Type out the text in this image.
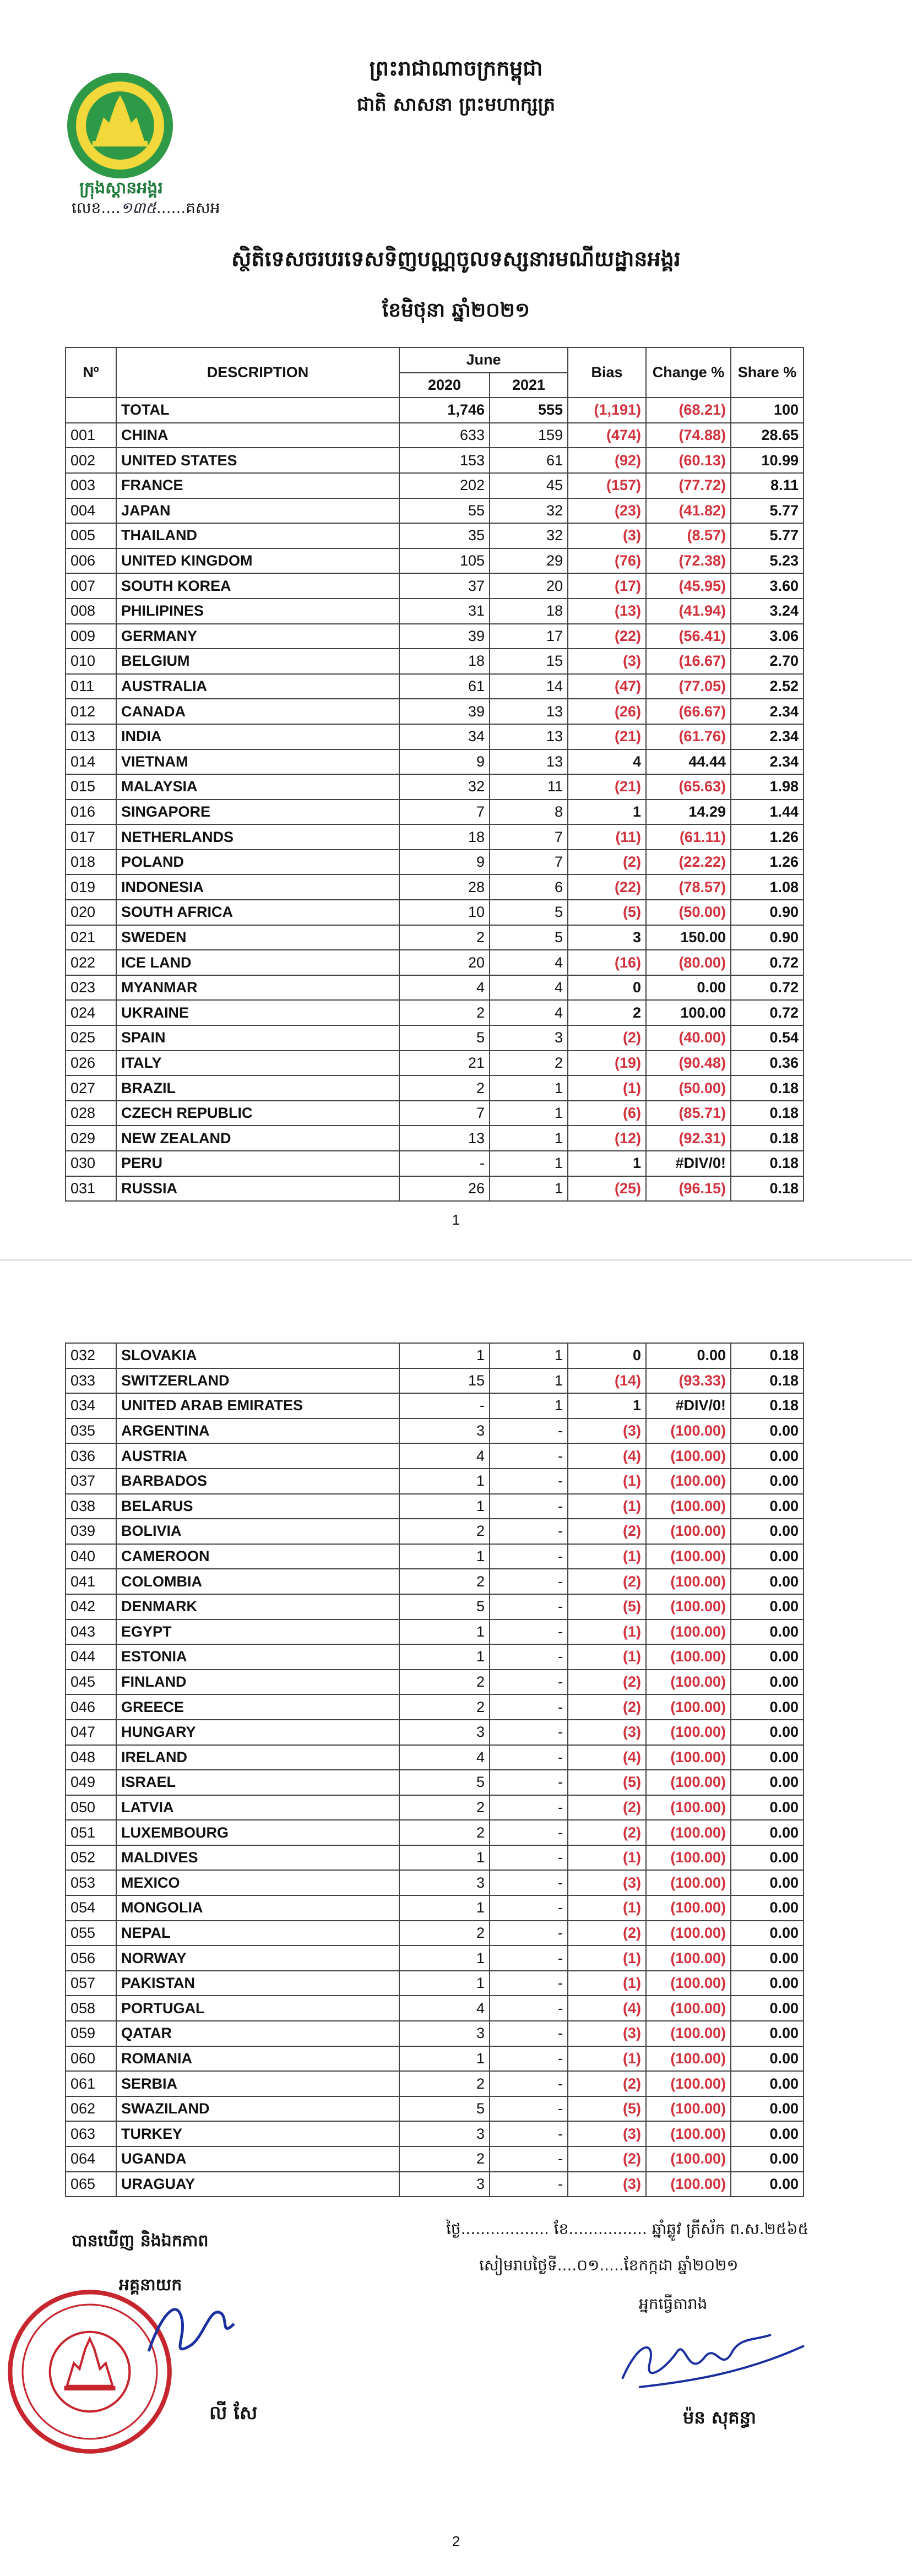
ព្រះរាជាណាចក្រកម្ពុជា
ជាតិ សាសនា ព្រះមហាក្សត្រ
ក្រុងស្ដានអង្គរ
លេខ....១៣៥......គសអ
ស្ថិតិទេសចរបរទេសទិញបណ្ណចូលទស្សនារមណីយដ្ឋានអង្គរ
ខែមិថុនា ឆ្នាំ២០២១
Nº	DESCRIPTION	June		Bias	Change %	Share %
		2020	2021			
	TOTAL	1,746	555	(1,191)	(68.21)	100
001	CHINA	633	159	(474)	(74.88)	28.65
002	UNITED STATES	153	61	(92)	(60.13)	10.99
003	FRANCE	202	45	(157)	(77.72)	8.11
004	JAPAN	55	32	(23)	(41.82)	5.77
005	THAILAND	35	32	(3)	(8.57)	5.77
006	UNITED KINGDOM	105	29	(76)	(72.38)	5.23
007	SOUTH KOREA	37	20	(17)	(45.95)	3.60
008	PHILIPINES	31	18	(13)	(41.94)	3.24
009	GERMANY	39	17	(22)	(56.41)	3.06
010	BELGIUM	18	15	(3)	(16.67)	2.70
011	AUSTRALIA	61	14	(47)	(77.05)	2.52
012	CANADA	39	13	(26)	(66.67)	2.34
013	INDIA	34	13	(21)	(61.76)	2.34
014	VIETNAM	9	13	4	44.44	2.34
015	MALAYSIA	32	11	(21)	(65.63)	1.98
016	SINGAPORE	7	8	1	14.29	1.44
017	NETHERLANDS	18	7	(11)	(61.11)	1.26
018	POLAND	9	7	(2)	(22.22)	1.26
019	INDONESIA	28	6	(22)	(78.57)	1.08
020	SOUTH AFRICA	10	5	(5)	(50.00)	0.90
021	SWEDEN	2	5	3	150.00	0.90
022	ICE LAND	20	4	(16)	(80.00)	0.72
023	MYANMAR	4	4	0	0.00	0.72
024	UKRAINE	2	4	2	100.00	0.72
025	SPAIN	5	3	(2)	(40.00)	0.54
026	ITALY	21	2	(19)	(90.48)	0.36
027	BRAZIL	2	1	(1)	(50.00)	0.18
028	CZECH REPUBLIC	7	1	(6)	(85.71)	0.18
029	NEW ZEALAND	13	1	(12)	(92.31)	0.18
030	PERU	-	1	1	#DIV/0!	0.18
031	RUSSIA	26	1	(25)	(96.15)	0.18
1
032	SLOVAKIA	1	1	0	0.00	0.18
033	SWITZERLAND	15	1	(14)	(93.33)	0.18
034	UNITED ARAB EMIRATES	-	1	1	#DIV/0!	0.18
035	ARGENTINA	3	-	(3)	(100.00)	0.00
036	AUSTRIA	4	-	(4)	(100.00)	0.00
037	BARBADOS	1	-	(1)	(100.00)	0.00
038	BELARUS	1	-	(1)	(100.00)	0.00
039	BOLIVIA	2	-	(2)	(100.00)	0.00
040	CAMEROON	1	-	(1)	(100.00)	0.00
041	COLOMBIA	2	-	(2)	(100.00)	0.00
042	DENMARK	5	-	(5)	(100.00)	0.00
043	EGYPT	1	-	(1)	(100.00)	0.00
044	ESTONIA	1	-	(1)	(100.00)	0.00
045	FINLAND	2	-	(2)	(100.00)	0.00
046	GREECE	2	-	(2)	(100.00)	0.00
047	HUNGARY	3	-	(3)	(100.00)	0.00
048	IRELAND	4	-	(4)	(100.00)	0.00
049	ISRAEL	5	-	(5)	(100.00)	0.00
050	LATVIA	2	-	(2)	(100.00)	0.00
051	LUXEMBOURG	2	-	(2)	(100.00)	0.00
052	MALDIVES	1	-	(1)	(100.00)	0.00
053	MEXICO	3	-	(3)	(100.00)	0.00
054	MONGOLIA	1	-	(1)	(100.00)	0.00
055	NEPAL	2	-	(2)	(100.00)	0.00
056	NORWAY	1	-	(1)	(100.00)	0.00
057	PAKISTAN	1	-	(1)	(100.00)	0.00
058	PORTUGAL	4	-	(4)	(100.00)	0.00
059	QATAR	3	-	(3)	(100.00)	0.00
060	ROMANIA	1	-	(1)	(100.00)	0.00
061	SERBIA	2	-	(2)	(100.00)	0.00
062	SWAZILAND	5	-	(5)	(100.00)	0.00
063	TURKEY	3	-	(3)	(100.00)	0.00
064	UGANDA	2	-	(2)	(100.00)	0.00
065	URAGUAY	3	-	(3)	(100.00)	0.00
បានឃើញ និងឯកភាព
អគ្គនាយក
លី សែ
ថ្ងៃ.................. ខែ................ ឆ្នាំឆ្លូវ ត្រីស័ក ព.ស.២៥៦៥
សៀមរាបថ្ងៃទី....០១.....ខែកក្កដា ឆ្នាំ២០២១
អ្នកធ្វើតារាង
ម៉ន សុគន្ធា
2
